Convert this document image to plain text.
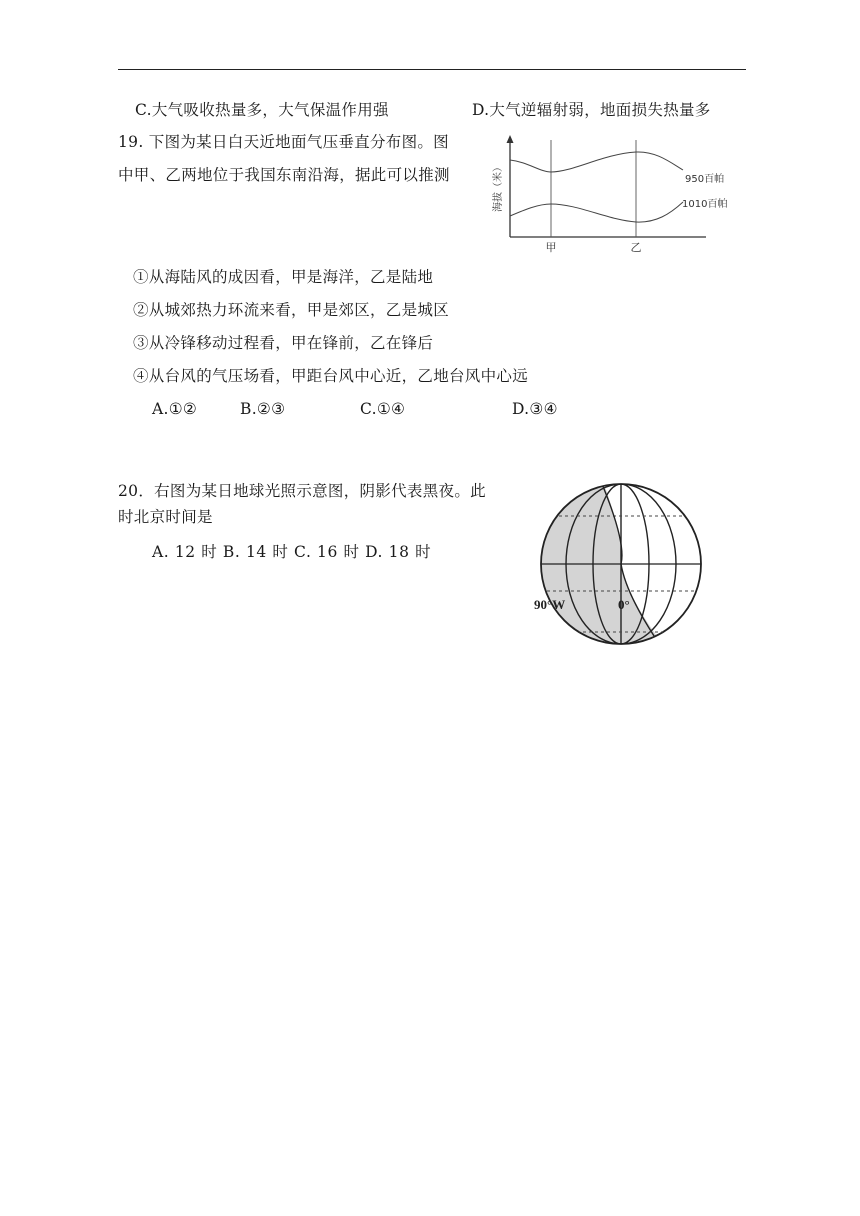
C.大气吸收热量多，大气保温作用强	D.大气逆辐射弱，地面损失热量多
19. 下图为某日白天近地面气压垂直分布图。图
中甲、乙两地位于我国东南沿海，据此可以推测
①从海陆风的成因看，甲是海洋，乙是陆地
②从城郊热力环流来看，甲是郊区，乙是城区
③从冷锋移动过程看，甲在锋前，乙在锋后
④从台风的气压场看，甲距台风中心近，乙地台风中心远
A.①②	B.②③	C.①④	D.③④
海拔（米）	950百帕
1010百帕
甲	乙
20．右图为某日地球光照示意图，阴影代表黑夜。此
时北京时间是
A. 12 时 B. 14 时 C. 16 时 D. 18 时
90°W	0°
